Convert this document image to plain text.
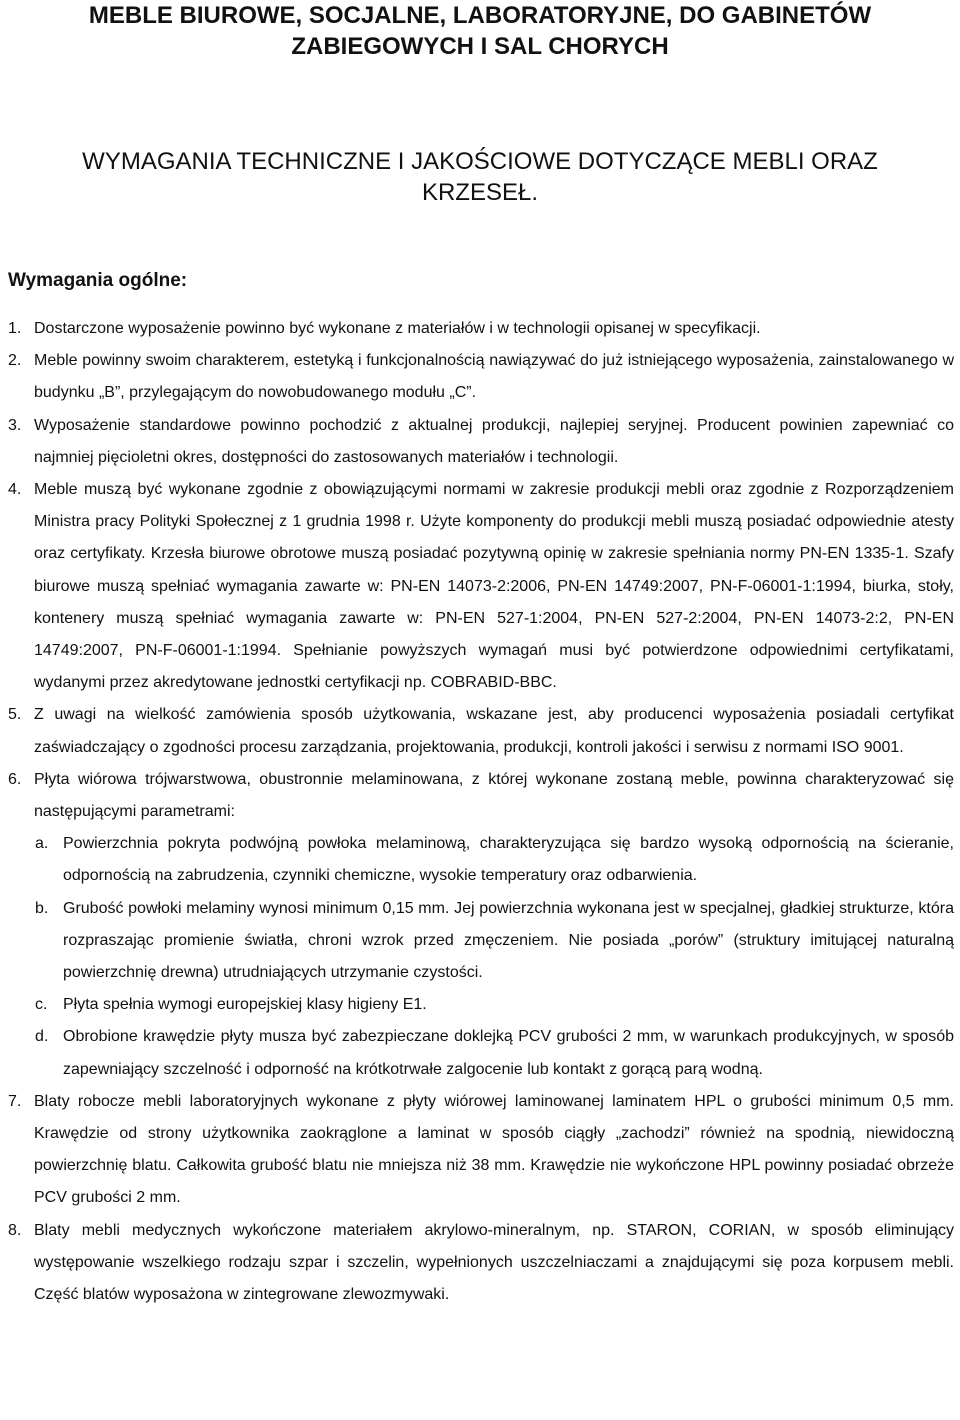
MEBLE BIUROWE, SOCJALNE, LABORATORYJNE, DO GABINETÓW
ZABIEGOWYCH I SAL CHORYCH
WYMAGANIA TECHNICZNE I JAKOŚCIOWE DOTYCZĄCE MEBLI ORAZ
KRZESEŁ.
Wymagania ogólne:

1. Dostarczone wyposażenie powinno być wykonane z materiałów i w technologii opisanej w specyfikacji.

2. Meble powinny swoim charakterem, estetyką i funkcjonalnością nawiązywać do już istniejącego wyposażenia, zainstalowanego w budynku „B”, przylegającym do nowobudowanego modułu „C”.

3. Wyposażenie standardowe powinno pochodzić z aktualnej produkcji, najlepiej seryjnej. Producent powinien zapewniać co najmniej pięcioletni okres, dostępności do zastosowanych materiałów i technologii.

4. Meble muszą być wykonane zgodnie z obowiązującymi normami w zakresie produkcji mebli oraz zgodnie z Rozporządzeniem Ministra pracy Polityki Społecznej z 1 grudnia 1998 r. Użyte komponenty do produkcji mebli muszą posiadać odpowiednie atesty oraz certyfikaty. Krzesła biurowe obrotowe muszą posiadać pozytywną opinię w zakresie spełniania normy PN-EN 1335-1. Szafy biurowe muszą spełniać wymagania zawarte w: PN-EN 14073-2:2006, PN-EN 14749:2007, PN-F-06001-1:1994, biurka, stoły, kontenery muszą spełniać wymagania zawarte w: PN-EN 527-1:2004, PN-EN 527-2:2004, PN-EN 14073-2:2, PN-EN 14749:2007, PN-F-06001-1:1994. Spełnianie powyższych wymagań musi być potwierdzone odpowiednimi certyfikatami, wydanymi przez akredytowane jednostki certyfikacji np. COBRABID-BBC.

5. Z uwagi na wielkość zamówienia sposób użytkowania, wskazane jest, aby producenci wyposażenia posiadali certyfikat zaświadczający o zgodności procesu zarządzania, projektowania, produkcji, kontroli jakości i serwisu z normami ISO 9001.

6. Płyta wiórowa trójwarstwowa, obustronnie melaminowana, z której wykonane zostaną meble, powinna charakteryzować się następującymi parametrami:

a. Powierzchnia pokryta podwójną powłoka melaminową, charakteryzująca się bardzo wysoką odpornością na ścieranie, odpornością na zabrudzenia, czynniki chemiczne, wysokie temperatury oraz odbarwienia.

b. Grubość powłoki melaminy wynosi minimum 0,15 mm. Jej powierzchnia wykonana jest w specjalnej, gładkiej strukturze, która rozpraszając promienie światła, chroni wzrok przed zmęczeniem. Nie posiada „porów” (struktury imitującej naturalną powierzchnię drewna) utrudniających utrzymanie czystości.

c. Płyta spełnia wymogi europejskiej klasy higieny E1.

d. Obrobione krawędzie płyty musza być zabezpieczane doklejką PCV grubości 2 mm, w warunkach produkcyjnych, w sposób zapewniający szczelność i odporność na krótkotrwałe zalgocenie lub kontakt z gorącą parą wodną.

7. Blaty robocze mebli laboratoryjnych wykonane z płyty wiórowej laminowanej laminatem HPL o grubości minimum 0,5 mm. Krawędzie od strony użytkownika zaokrąglone a laminat w sposób ciągły „zachodzi” również na spodnią, niewidoczną powierzchnię blatu. Całkowita grubość blatu nie mniejsza niż 38 mm. Krawędzie nie wykończone HPL powinny posiadać obrzeże PCV grubości 2 mm.

8. Blaty mebli medycznych wykończone materiałem akrylowo-mineralnym, np. STARON, CORIAN, w sposób eliminujący występowanie wszelkiego rodzaju szpar i szczelin, wypełnionych uszczelniaczami a znajdującymi się poza korpusem mebli. Część blatów wyposażona w zintegrowane zlewozmywaki.
